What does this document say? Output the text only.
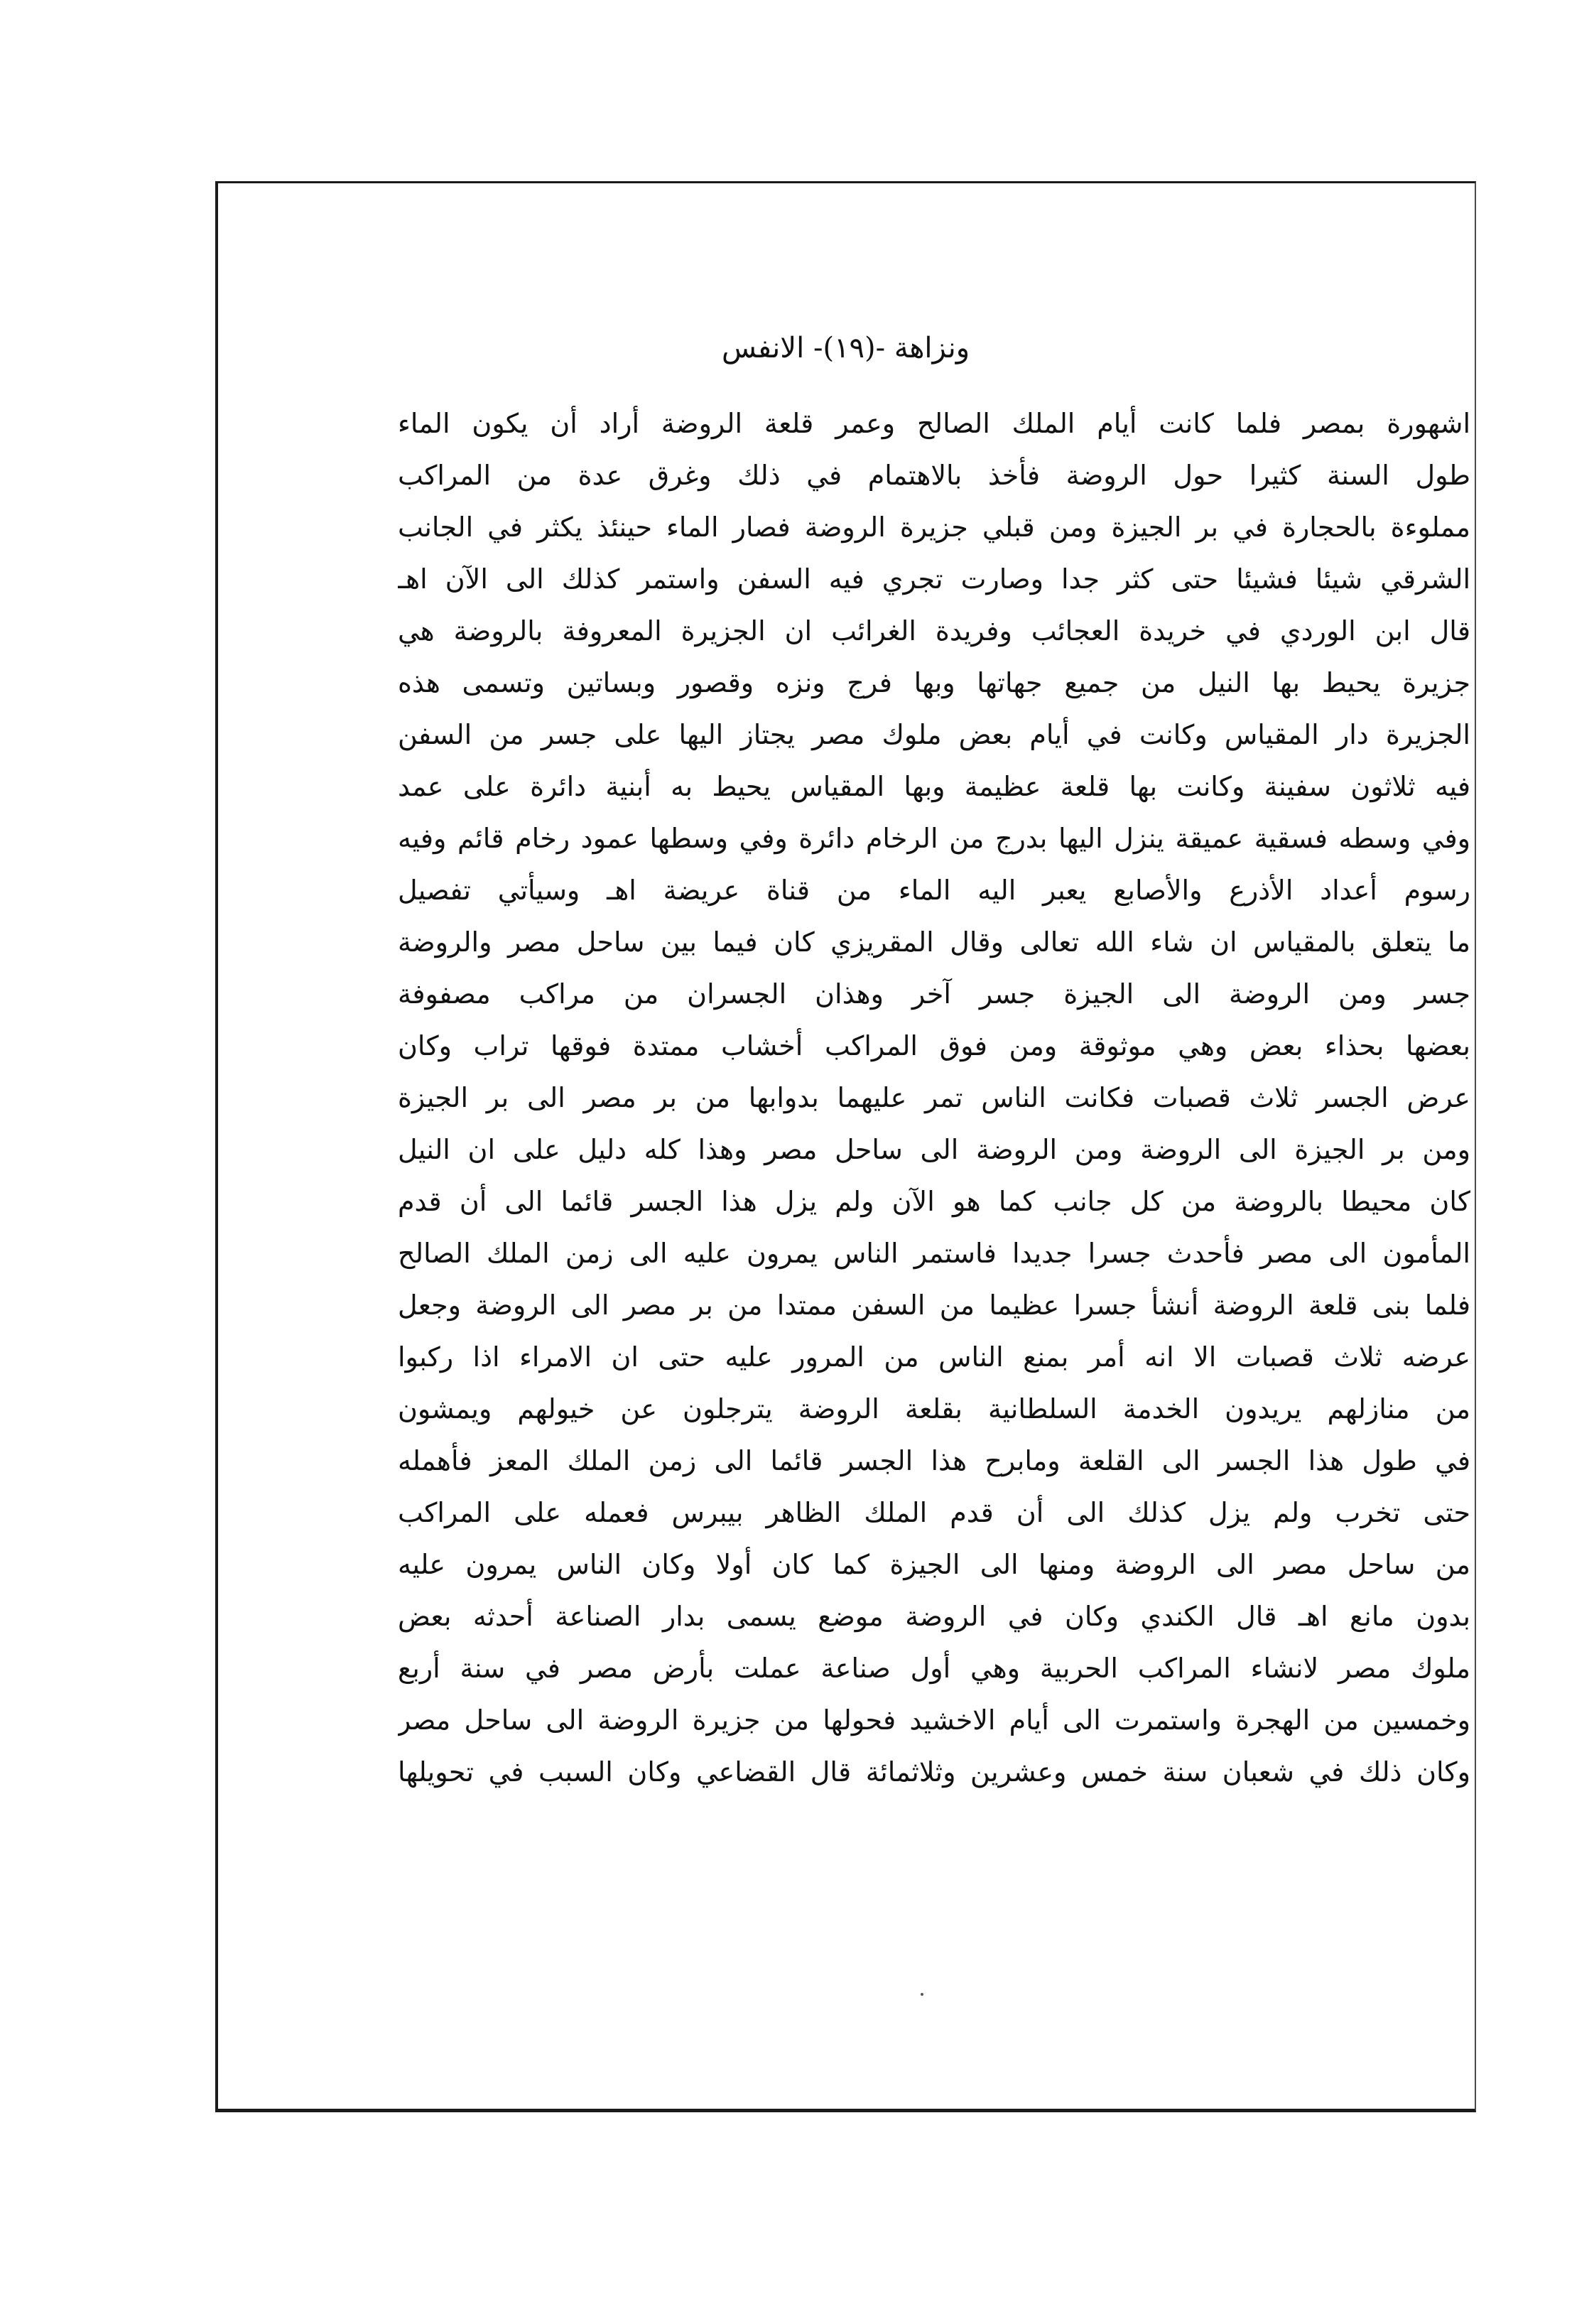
ونزاهة -(١٩)- الانفس
اشهورة بمصر فلما كانت أيام الملك الصالح وعمر قلعة الروضة أراد أن يكون الماء
طول السنة كثيرا حول الروضة فأخذ بالاهتمام في ذلك وغرق عدة من المراكب
مملوءة بالحجارة في بر الجيزة ومن قبلي جزيرة الروضة فصار الماء حينئذ يكثر في الجانب
الشرقي شيئا فشيئا حتى كثر جدا وصارت تجري فيه السفن واستمر كذلك الى الآن اهـ
قال ابن الوردي في خريدة العجائب وفريدة الغرائب ان الجزيرة المعروفة بالروضة هي
جزيرة يحيط بها النيل من جميع جهاتها وبها فرج ونزه وقصور وبساتين وتسمى هذه
الجزيرة دار المقياس وكانت في أيام بعض ملوك مصر يجتاز اليها على جسر من السفن
فيه ثلاثون سفينة وكانت بها قلعة عظيمة وبها المقياس يحيط به أبنية دائرة على عمد
وفي وسطه فسقية عميقة ينزل اليها بدرج من الرخام دائرة وفي وسطها عمود رخام قائم وفيه
رسوم أعداد الأذرع والأصابع يعبر اليه الماء من قناة عريضة اهـ وسيأتي تفصيل
ما يتعلق بالمقياس ان شاء الله تعالى وقال المقريزي كان فيما بين ساحل مصر والروضة
جسر ومن الروضة الى الجيزة جسر آخر وهذان الجسران من مراكب مصفوفة
بعضها بحذاء بعض وهي موثوقة ومن فوق المراكب أخشاب ممتدة فوقها تراب وكان
عرض الجسر ثلاث قصبات فكانت الناس تمر عليهما بدوابها من بر مصر الى بر الجيزة
ومن بر الجيزة الى الروضة ومن الروضة الى ساحل مصر وهذا كله دليل على ان النيل
كان محيطا بالروضة من كل جانب كما هو الآن ولم يزل هذا الجسر قائما الى أن قدم
المأمون الى مصر فأحدث جسرا جديدا فاستمر الناس يمرون عليه الى زمن الملك الصالح
فلما بنى قلعة الروضة أنشأ جسرا عظيما من السفن ممتدا من بر مصر الى الروضة وجعل
عرضه ثلاث قصبات الا انه أمر بمنع الناس من المرور عليه حتى ان الامراء اذا ركبوا
من منازلهم يريدون الخدمة السلطانية بقلعة الروضة يترجلون عن خيولهم ويمشون
في طول هذا الجسر الى القلعة ومابرح هذا الجسر قائما الى زمن الملك المعز فأهمله
حتى تخرب ولم يزل كذلك الى أن قدم الملك الظاهر بيبرس فعمله على المراكب
من ساحل مصر الى الروضة ومنها الى الجيزة كما كان أولا وكان الناس يمرون عليه
بدون مانع اهـ قال الكندي وكان في الروضة موضع يسمى بدار الصناعة أحدثه بعض
ملوك مصر لانشاء المراكب الحربية وهي أول صناعة عملت بأرض مصر في سنة أربع
وخمسين من الهجرة واستمرت الى أيام الاخشيد فحولها من جزيرة الروضة الى ساحل مصر
وكان ذلك في شعبان سنة خمس وعشرين وثلاثمائة قال القضاعي وكان السبب في تحويلها
